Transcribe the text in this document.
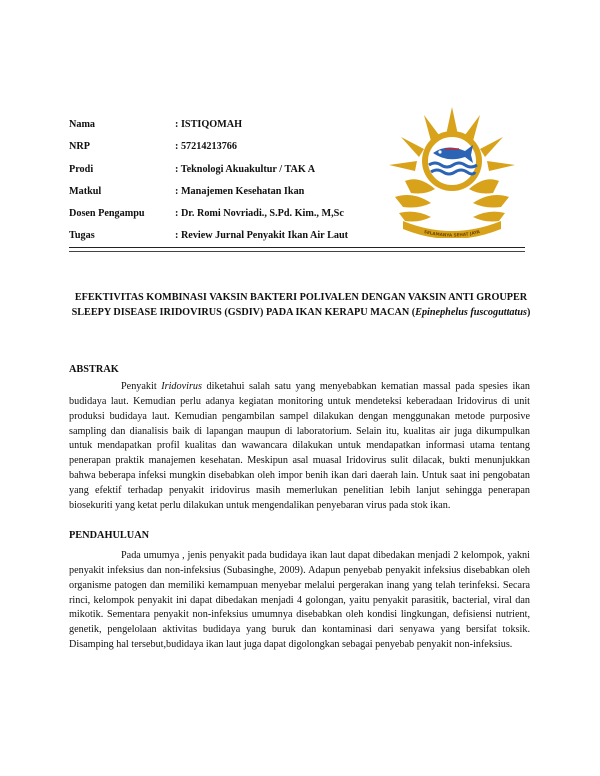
Nama	: ISTIQOMAH
NRP	: 57214213766
Prodi	: Teknologi Akuakultur / TAK A
Matkul	: Manajemen Kesehatan Ikan
Dosen Pengampu	: Dr. Romi Novriadi., S.Pd. Kim., M,Sc
Tugas	: Review Jurnal Penyakit Ikan Air Laut	SELAMANYA SEHAT JAYA

EFEKTIVITAS KOMBINASI VAKSIN BAKTERI POLIVALEN DENGAN VAKSIN ANTI GROUPER SLEEPY DISEASE IRIDOVIRUS (GSDIV) PADA IKAN KERAPU MACAN (Epinephelus fuscoguttatus)

ABSTRAK

Penyakit Iridovirus diketahui salah satu yang menyebabkan kematian massal pada spesies ikan budidaya laut. Kemudian perlu adanya kegiatan monitoring untuk mendeteksi keberadaan Iridovirus di unit produksi budidaya laut. Kemudian pengambilan sampel dilakukan dengan menggunakan metode purposive sampling dan dianalisis baik di lapangan maupun di laboratorium. Selain itu, kualitas air juga dikumpulkan untuk mendapatkan profil kualitas dan wawancara dilakukan untuk mendapatkan informasi utama tentang penerapan praktik manajemen kesehatan. Meskipun asal muasal Iridovirus sulit dilacak, bukti menunjukkan bahwa beberapa infeksi mungkin disebabkan oleh impor benih ikan dari daerah lain. Untuk saat ini pengobatan yang efektif terhadap penyakit iridovirus masih memerlukan penelitian lebih lanjut sehingga penerapan biosekuriti yang ketat perlu dilakukan untuk mengendalikan penyebaran virus pada stok ikan.

PENDAHULUAN

Pada umumya , jenis penyakit pada budidaya ikan laut dapat dibedakan menjadi 2 kelompok, yakni penyakit infeksius dan non-infeksius (Subasinghe, 2009). Adapun penyebab penyakit infeksius disebabkan oleh organisme patogen dan memiliki kemampuan menyebar melalui pergerakan inang yang telah terinfeksi. Secara rinci, kelompok penyakit ini dapat dibedakan menjadi 4 golongan, yaitu penyakit parasitik, bacterial, viral dan mikotik. Sementara penyakit non-infeksius umumnya disebabkan oleh kondisi lingkungan, defisiensi nutrient, genetik, pengelolaan aktivitas budidaya yang buruk dan kontaminasi dari senyawa yang bersifat toksik. Disamping hal tersebut,budidaya ikan laut juga dapat digolongkan sebagai penyebab penyakit non-infeksius.
